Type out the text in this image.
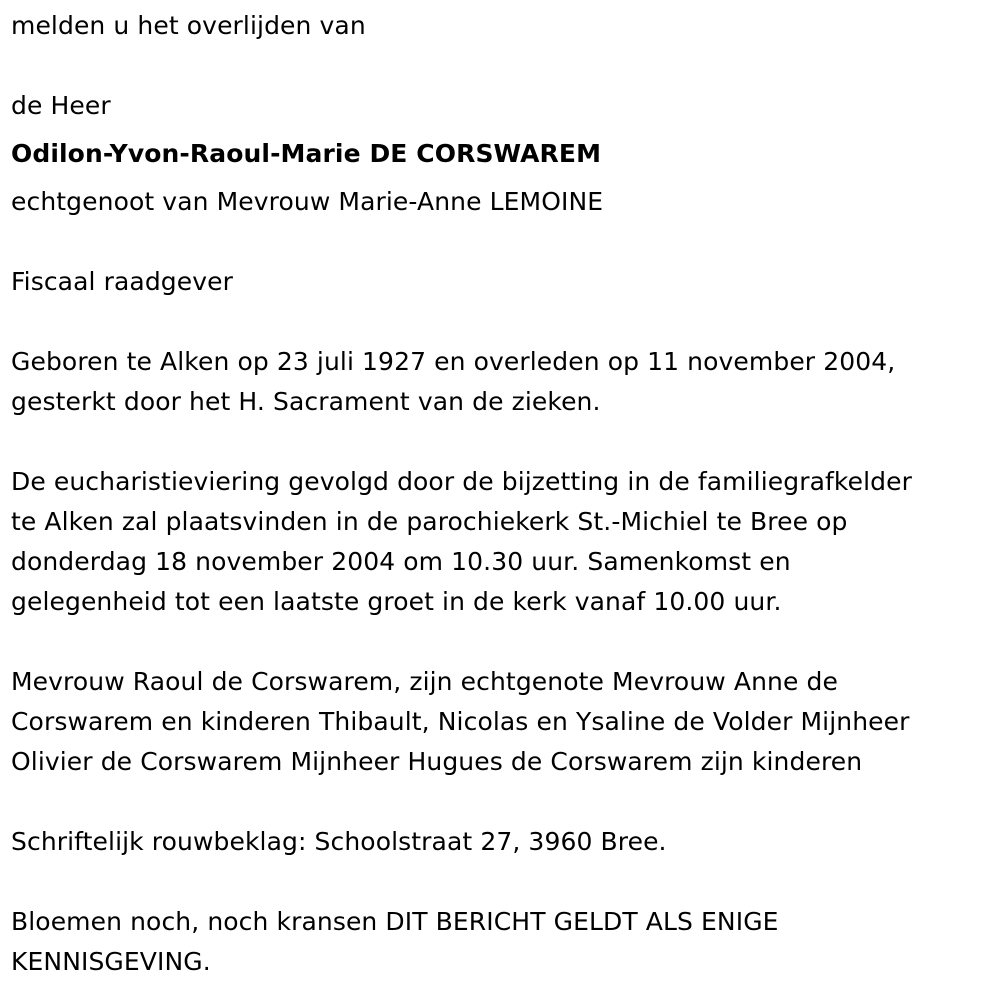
melden u het overlijden van
de Heer
Odilon-Yvon-Raoul-Marie DE CORSWAREM
echtgenoot van Mevrouw Marie-Anne LEMOINE
Fiscaal raadgever
Geboren te Alken op 23 juli 1927 en overleden op 11 november 2004,
gesterkt door het H. Sacrament van de zieken.
De eucharistieviering gevolgd door de bijzetting in de familiegrafkelder
te Alken zal plaatsvinden in de parochiekerk St.-Michiel te Bree op
donderdag 18 november 2004 om 10.30 uur. Samenkomst en
gelegenheid tot een laatste groet in de kerk vanaf 10.00 uur.
Mevrouw Raoul de Corswarem, zijn echtgenote Mevrouw Anne de
Corswarem en kinderen Thibault, Nicolas en Ysaline de Volder Mijnheer
Olivier de Corswarem Mijnheer Hugues de Corswarem zijn kinderen
Schriftelijk rouwbeklag: Schoolstraat 27, 3960 Bree.
Bloemen noch, noch kransen DIT BERICHT GELDT ALS ENIGE
KENNISGEVING.
